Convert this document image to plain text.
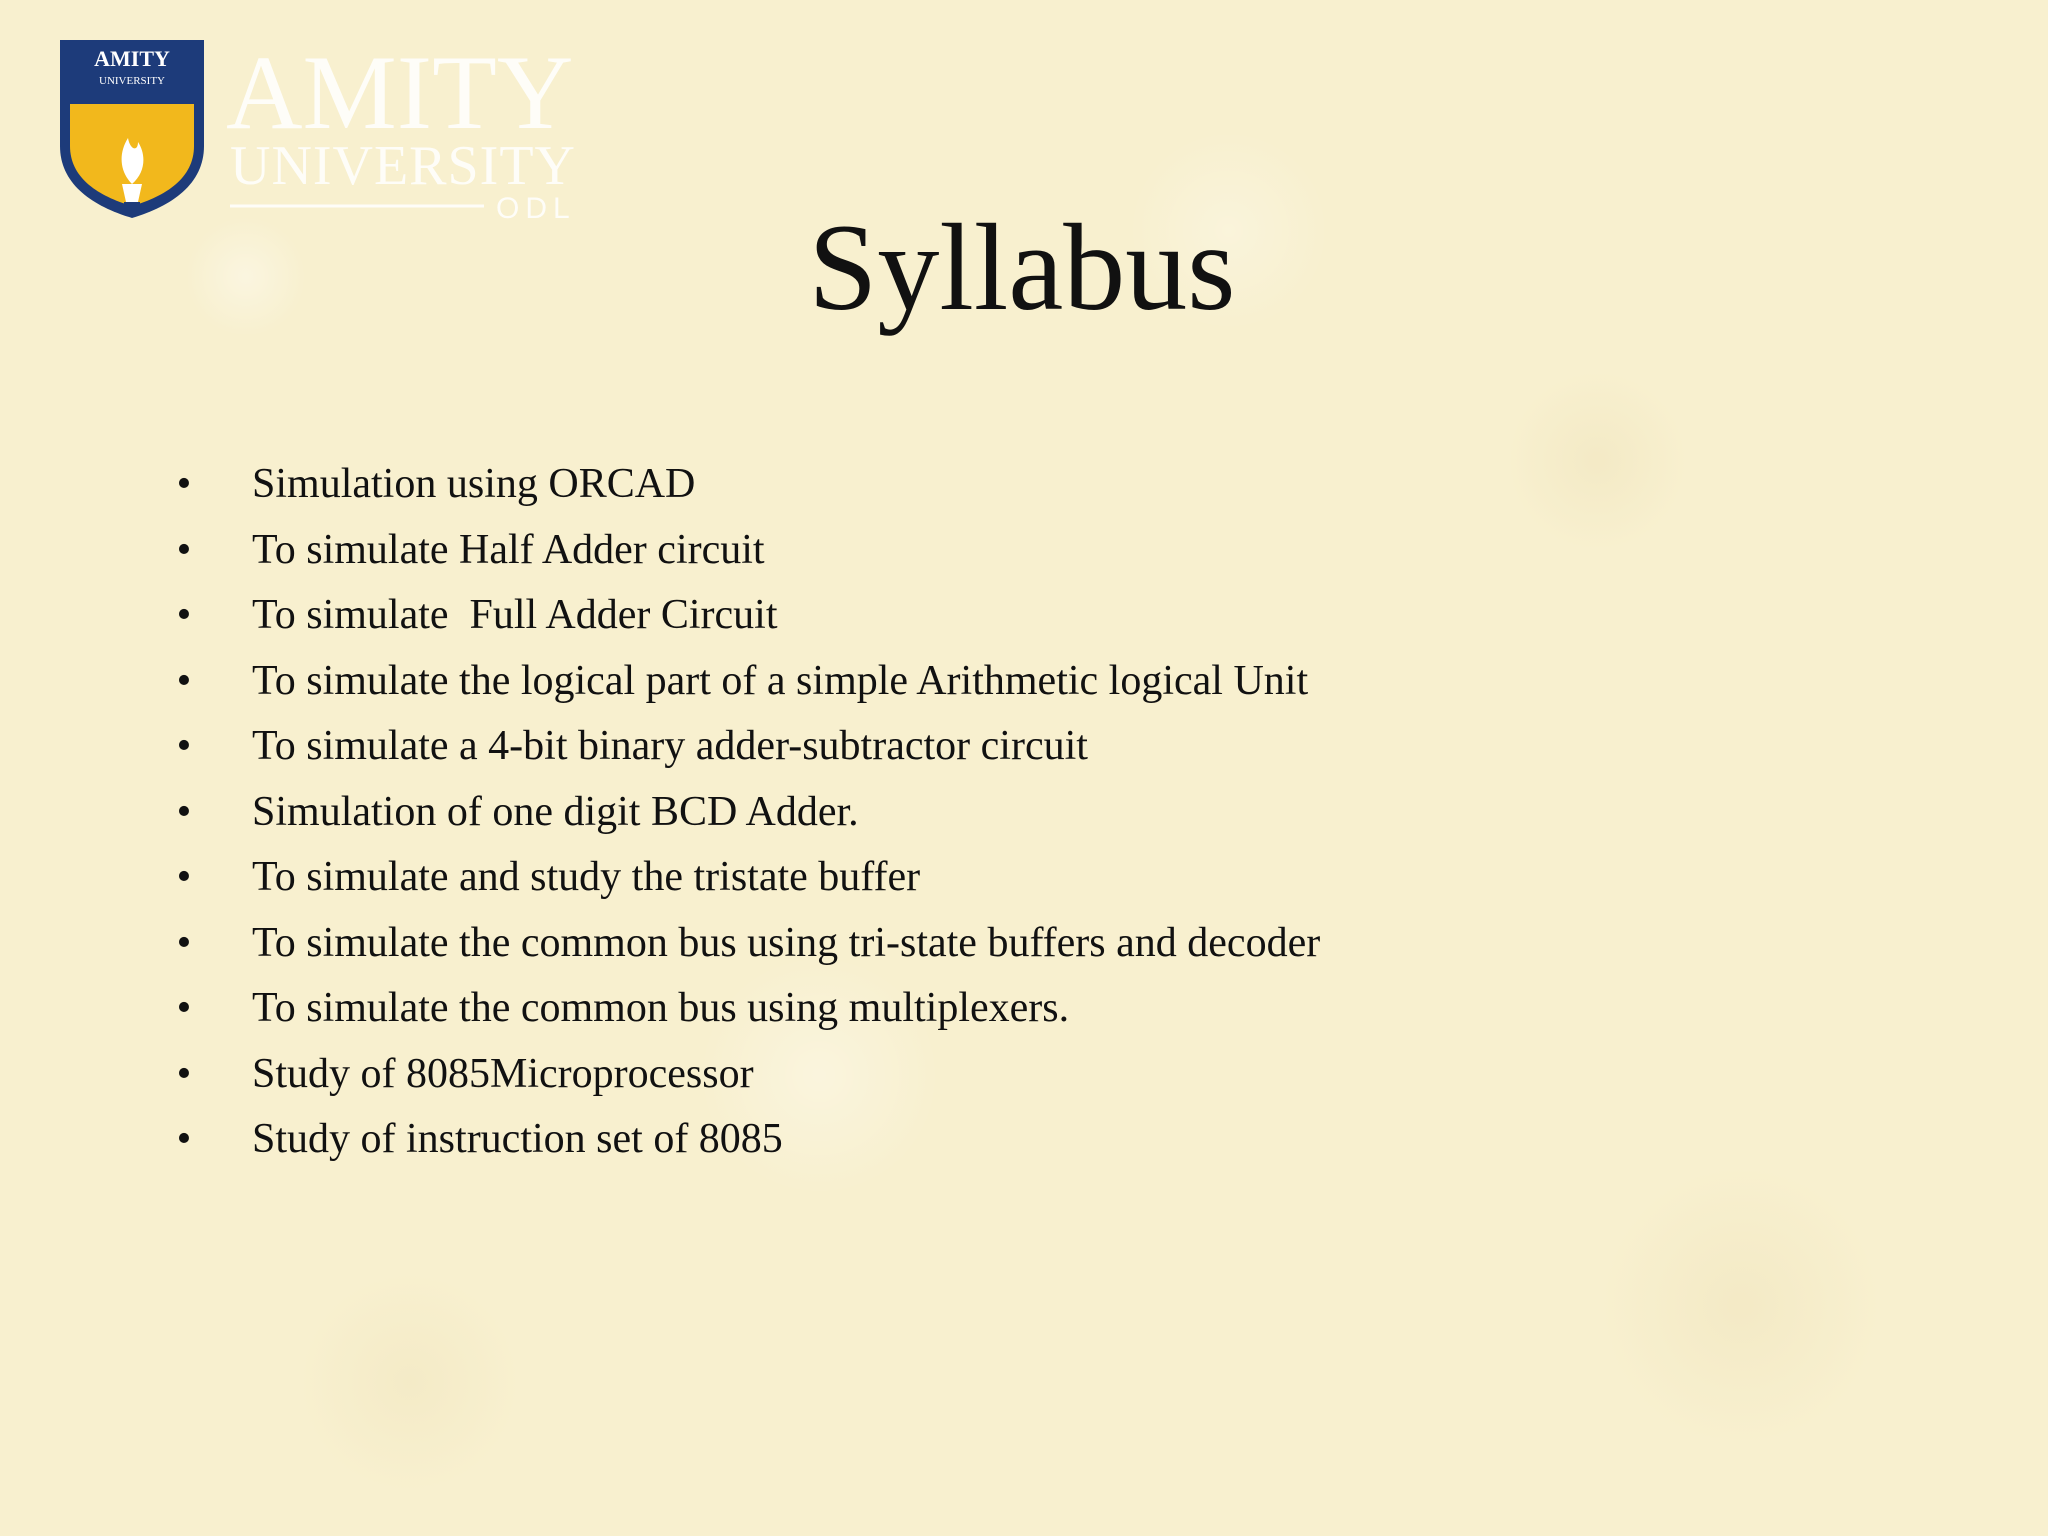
AMITY
UNIVERSITY AMITY
UNIVERSITY
ODL	Syllabus
• Simulation using ORCAD
• To simulate Half Adder circuit
• To simulate  Full Adder Circuit
• To simulate the logical part of a simple Arithmetic logical Unit
• To simulate a 4-bit binary adder-subtractor circuit
• Simulation of one digit BCD Adder.
• To simulate and study the tristate buffer
• To simulate the common bus using tri-state buffers and decoder
• To simulate the common bus using multiplexers.
• Study of 8085Microprocessor
• Study of instruction set of 8085
